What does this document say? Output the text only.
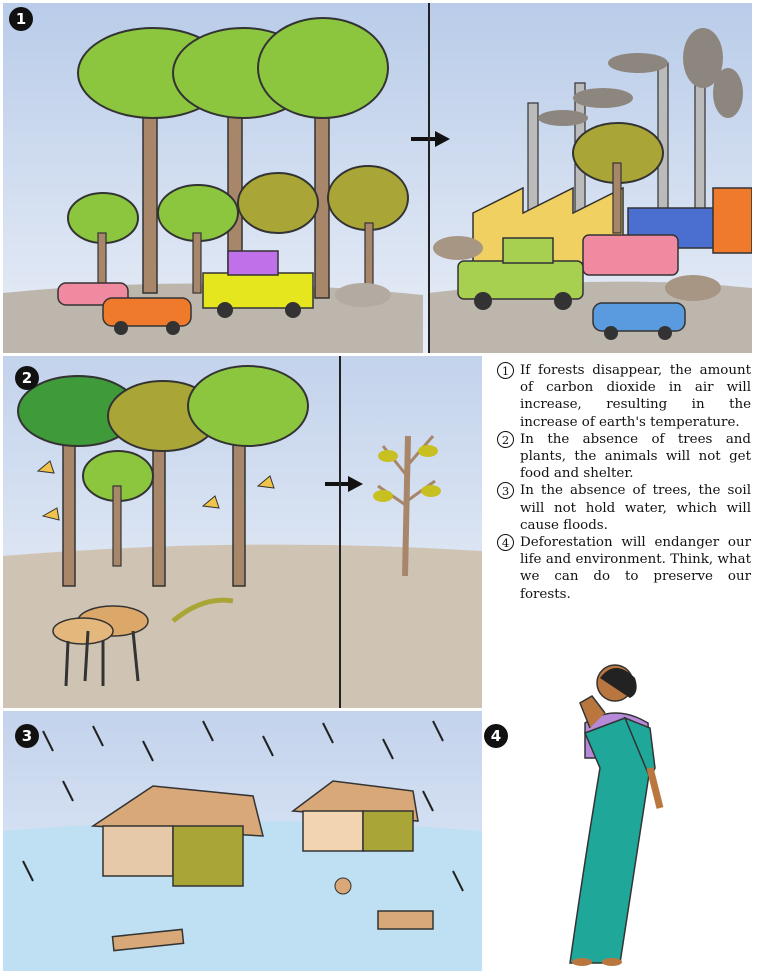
1
2	1 If forests disappear, the amount of carbon dioxide in air will increase, resulting in the increase of earth's temperature.
2 In the absence of trees and plants, the animals will not get food and shelter.
3 In the absence of trees, the soil will not hold water, which will cause floods.
4 Deforestation will endanger our life and environment. Think, what we can do to preserve our forests.
3	4
